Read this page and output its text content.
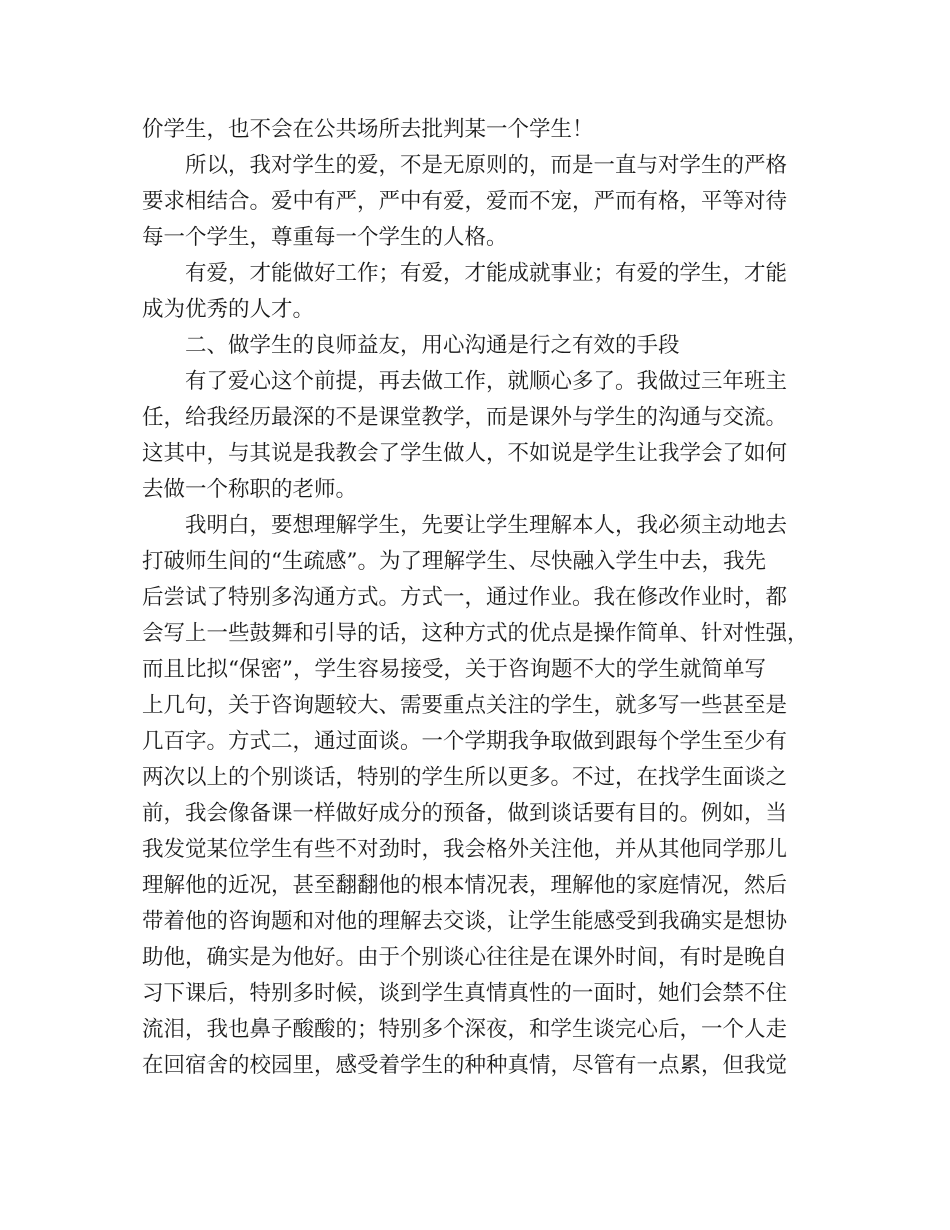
价学生，也不会在公共场所去批判某一个学生！
所以，我对学生的爱，不是无原则的，而是一直与对学生的严格
要求相结合。爱中有严，严中有爱，爱而不宠，严而有格，平等对待
每一个学生，尊重每一个学生的人格。
有爱，才能做好工作；有爱，才能成就事业；有爱的学生，才能
成为优秀的人才。
二、做学生的良师益友，用心沟通是行之有效的手段
有了爱心这个前提，再去做工作，就顺心多了。我做过三年班主
任，给我经历最深的不是课堂教学，而是课外与学生的沟通与交流。
这其中，与其说是我教会了学生做人，不如说是学生让我学会了如何
去做一个称职的老师。
我明白，要想理解学生，先要让学生理解本人，我必须主动地去
打破师生间的“生疏感”。为了理解学生、尽快融入学生中去，我先
后尝试了特别多沟通方式。方式一，通过作业。我在修改作业时，都
会写上一些鼓舞和引导的话，这种方式的优点是操作简单、针对性强，
而且比拟“保密”，学生容易接受，关于咨询题不大的学生就简单写
上几句，关于咨询题较大、需要重点关注的学生，就多写一些甚至是
几百字。方式二，通过面谈。一个学期我争取做到跟每个学生至少有
两次以上的个别谈话，特别的学生所以更多。不过，在找学生面谈之
前，我会像备课一样做好成分的预备，做到谈话要有目的。例如，当
我发觉某位学生有些不对劲时，我会格外关注他，并从其他同学那儿
理解他的近况，甚至翻翻他的根本情况表，理解他的家庭情况，然后
带着他的咨询题和对他的理解去交谈，让学生能感受到我确实是想协
助他，确实是为他好。由于个别谈心往往是在课外时间，有时是晚自
习下课后，特别多时候，谈到学生真情真性的一面时，她们会禁不住
流泪，我也鼻子酸酸的；特别多个深夜，和学生谈完心后，一个人走
在回宿舍的校园里，感受着学生的种种真情，尽管有一点累，但我觉
